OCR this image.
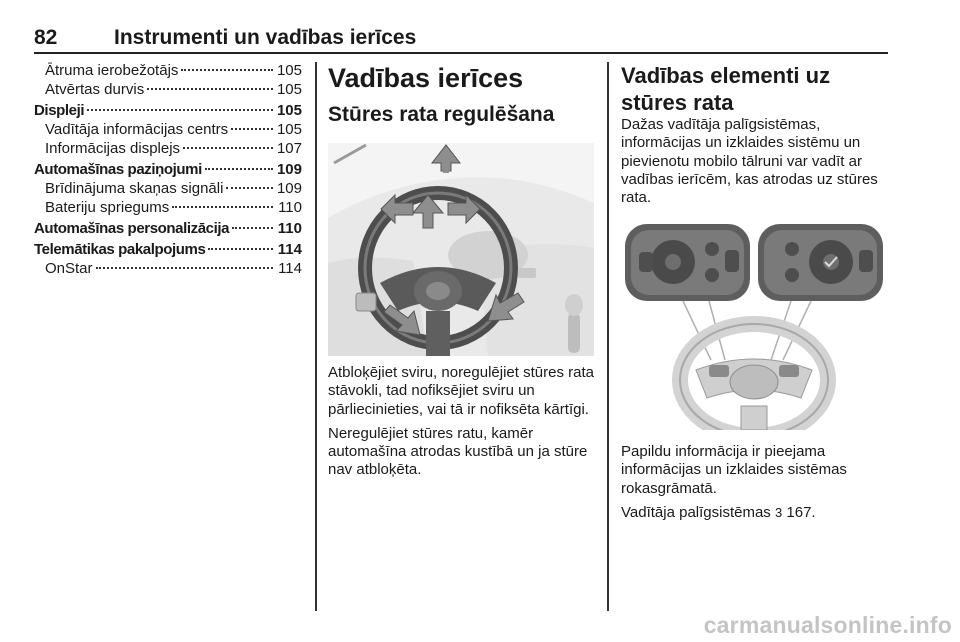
82	Instrumenti un vadības ierīces
Ātruma ierobežotājs	105
Atvērtas durvis	105
Displeji	105
Vadītāja informācijas centrs	105
Informācijas displejs	107
Automašīnas paziņojumi	109
Brīdinājuma skaņas signāli	109
Bateriju spriegums	110
Automašīnas personalizācija	110
Telemātikas pakalpojums	114
OnStar	114
Vadības ierīces
Stūres rata regulēšana

Atbloķējiet sviru, noregulējiet stūres rata stāvokli, tad nofiksējiet sviru un pārliecinieties, vai tā ir nofiksēta kārtīgi.

Neregulējiet stūres ratu, kamēr automašīna atrodas kustībā un ja stūre nav atbloķēta.

Vadības elementi uz stūres rata

Dažas vadītāja palīgsistēmas, informācijas un izklaides sistēmu un pievienotu mobilo tālruni var vadīt ar vadības ierīcēm, kas atrodas uz stūres rata.

Papildu informācija ir pieejama informācijas un izklaides sistēmas rokasgrāmatā.

Vadītāja palīgsistēmas 3 167.

carmanualsonline.info
